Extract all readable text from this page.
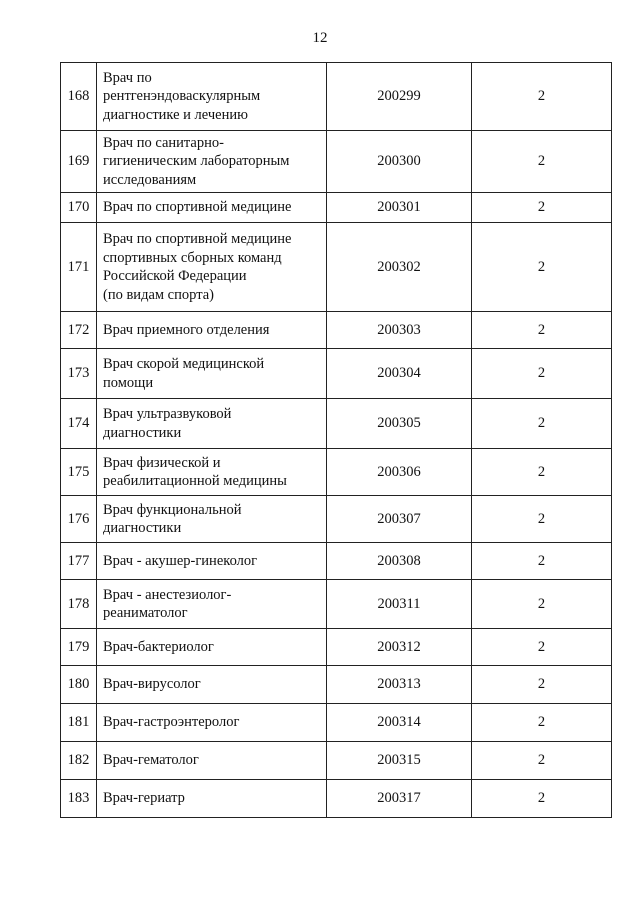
12
168	Врач по
рентгенэндоваскулярным
диагностике и лечению	200299	2
169	Врач по санитарно-
гигиеническим лабораторным
исследованиям	200300	2
170	Врач по спортивной медицине	200301	2
171	Врач по спортивной медицине
спортивных сборных команд
Российской Федерации
(по видам спорта)	200302	2
172	Врач приемного отделения	200303	2
173	Врач скорой медицинской
помощи	200304	2
174	Врач ультразвуковой
диагностики	200305	2
175	Врач физической и
реабилитационной медицины	200306	2
176	Врач функциональной
диагностики	200307	2
177	Врач - акушер-гинеколог	200308	2
178	Врач - анестезиолог-
реаниматолог	200311	2
179	Врач-бактериолог	200312	2
180	Врач-вирусолог	200313	2
181	Врач-гастроэнтеролог	200314	2
182	Врач-гематолог	200315	2
183	Врач-гериатр	200317	2
